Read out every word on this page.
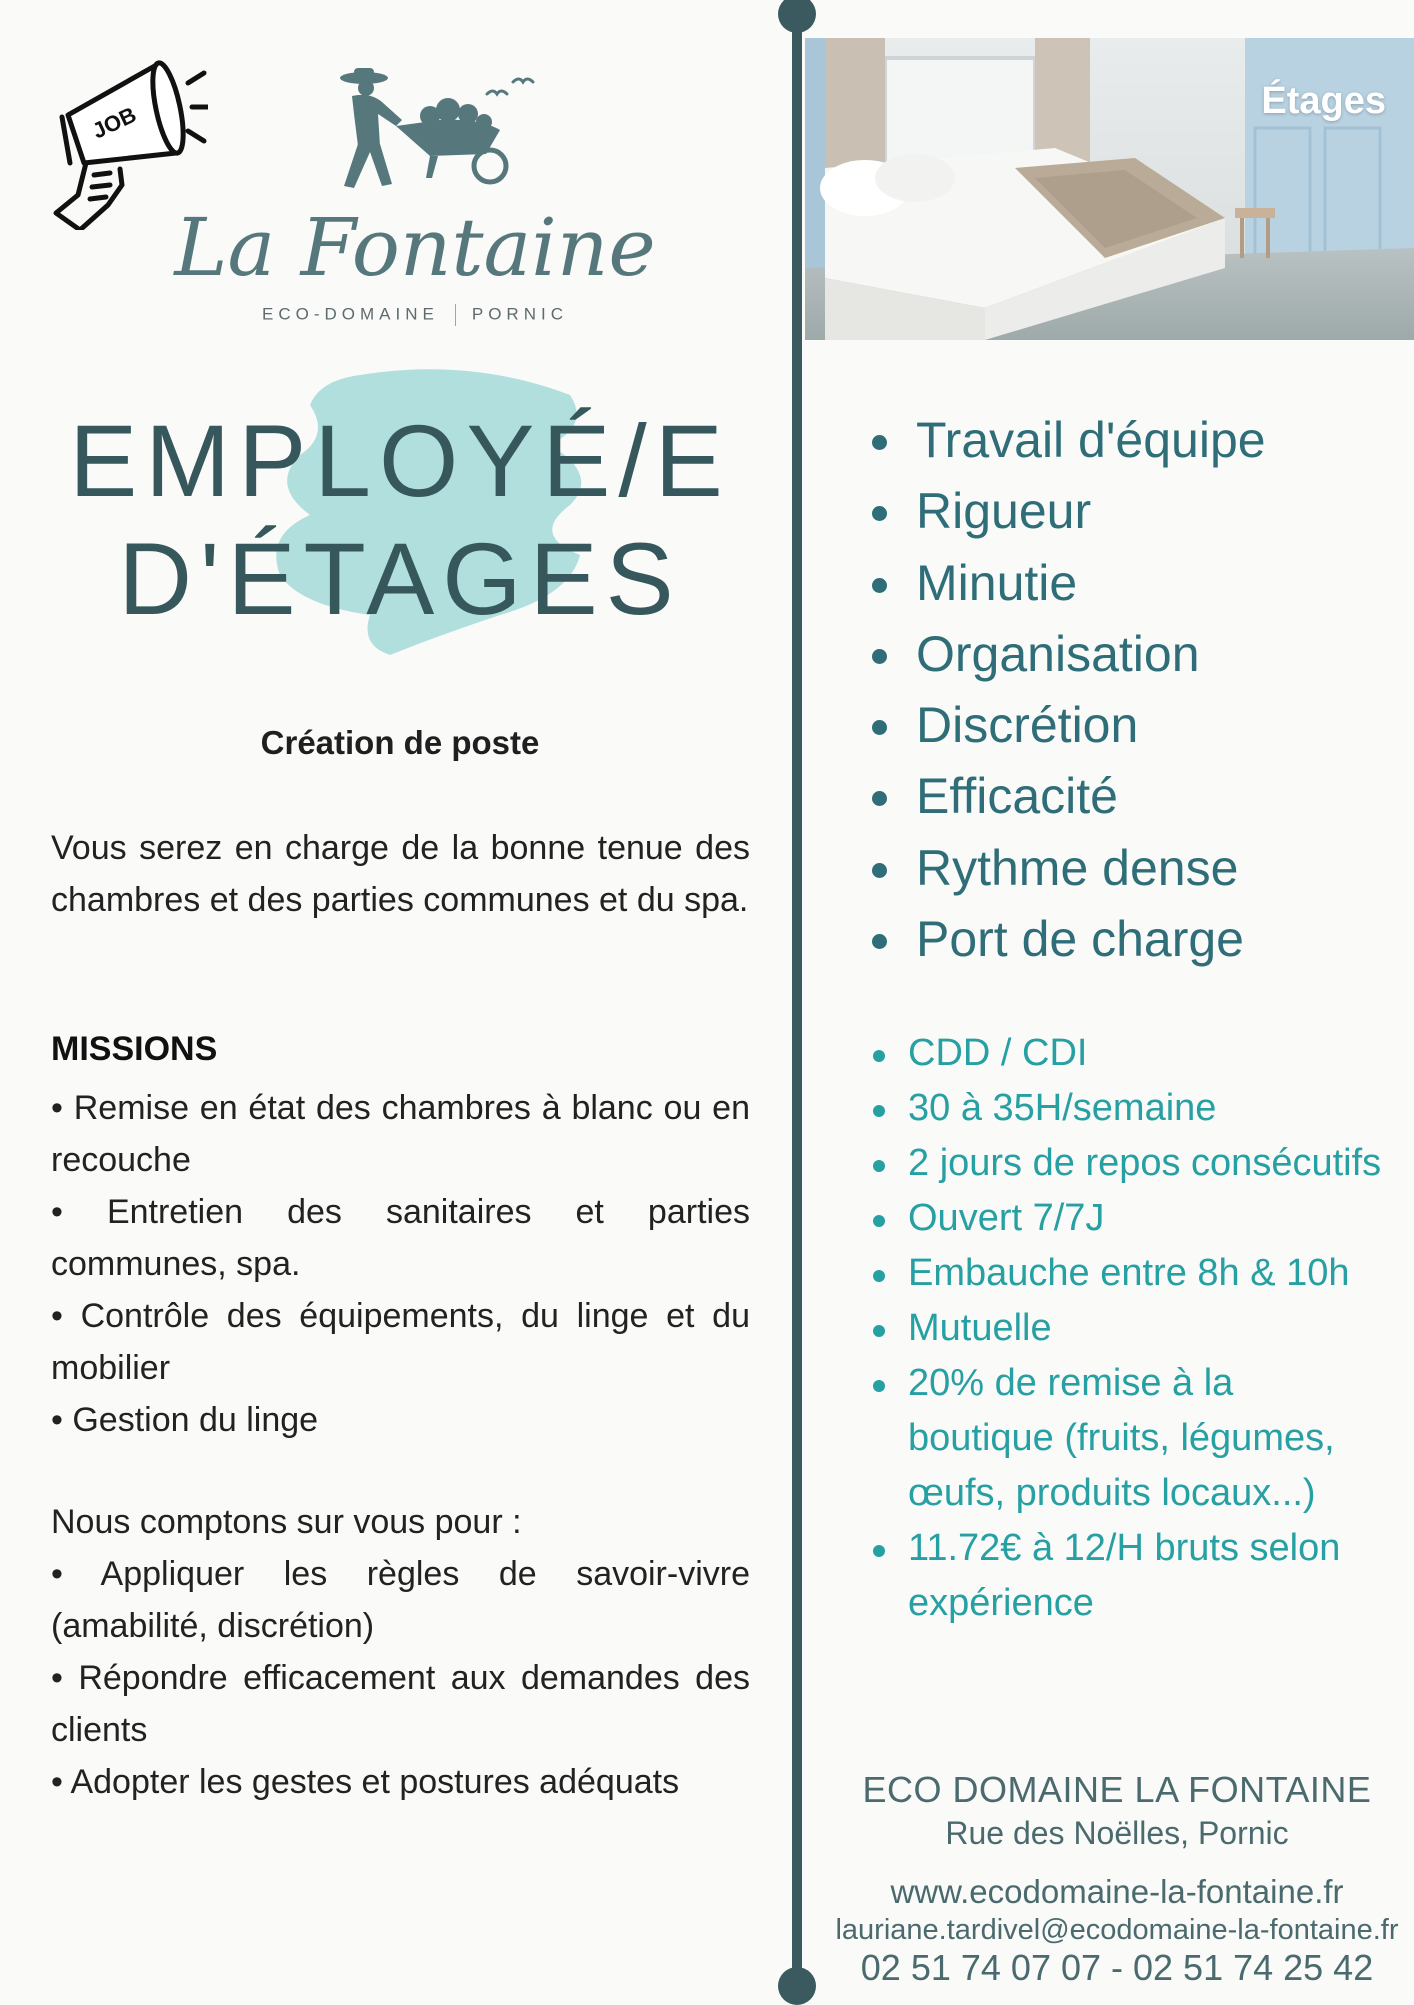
JOB
La Fontaine
ECO-DOMAINE PORNIC
EMPLOYÉ/E
D'ÉTAGES
Création de poste
Vous serez en charge de la bonne tenue des chambres et des parties communes et du spa.
MISSIONS

• Remise en état des chambres à blanc ou en recouche

• Entretien des sanitaires et parties communes, spa.

• Contrôle des équipements, du linge et du mobilier

• Gestion du linge

Nous comptons sur vous pour :

• Appliquer les règles de savoir-vivre (amabilité, discrétion)

• Répondre efficacement aux demandes des clients

• Adopter les gestes et postures adéquats

Étages
Travail d'équipe
Rigueur
Minutie
Organisation
Discrétion
Efficacité
Rythme dense
Port de charge
CDD / CDI
30 à 35H/semaine
2 jours de repos consécutifs
Ouvert 7/7J
Embauche entre 8h & 10h
Mutuelle
20% de remise à la boutique (fruits, légumes, œufs, produits locaux...)
11.72€ à 12/H bruts selon expérience
ECO DOMAINE LA FONTAINE
Rue des Noëlles, Pornic
www.ecodomaine-la-fontaine.fr
lauriane.tardivel@ecodomaine-la-fontaine.fr
02 51 74 07 07 - 02 51 74 25 42
